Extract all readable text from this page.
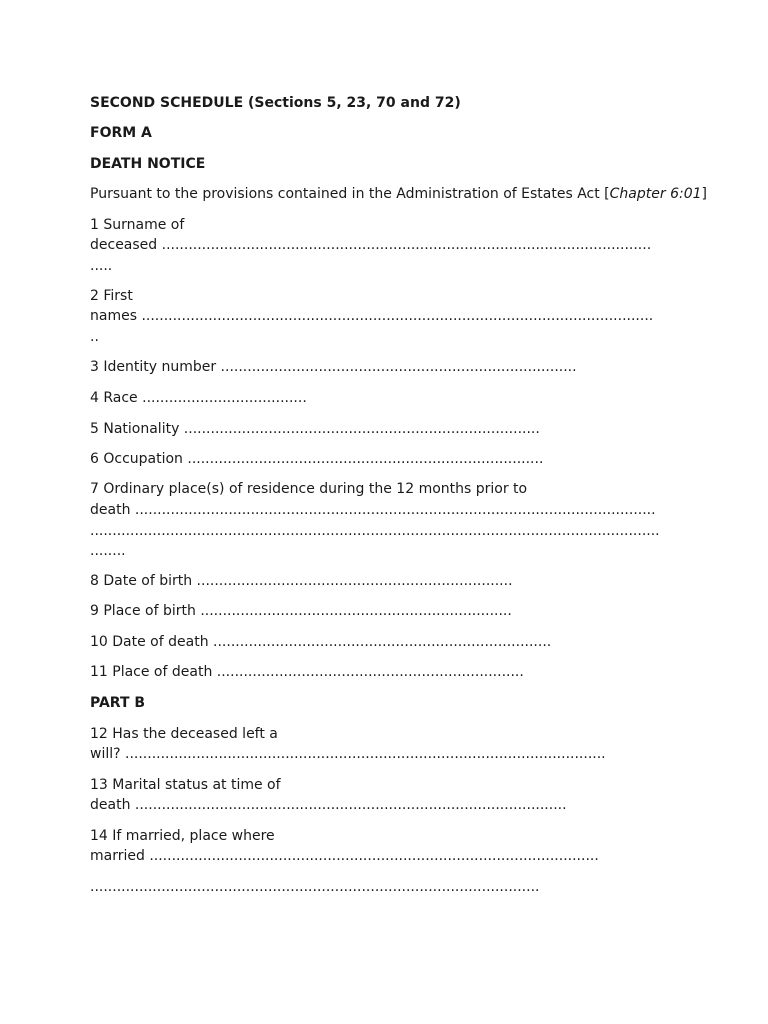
SECOND SCHEDULE (Sections 5, 23, 70 and 72)
FORM A
DEATH NOTICE
Pursuant to the provisions contained in the Administration of Estates Act [Chapter 6:01]
1 Surname of
deceased ..............................................................................................................
.....
2 First
names ...................................................................................................................
..
3 Identity number ................................................................................
4 Race .....................................
5 Nationality ................................................................................
6 Occupation ................................................................................
7 Ordinary place(s) of residence during the 12 months prior to
death .....................................................................................................................
................................................................................................................................
........
8 Date of birth .......................................................................
9 Place of birth ......................................................................
10 Date of death ............................................................................
11 Place of death .....................................................................
PART B
12 Has the deceased left a
will? ............................................................................................................
13 Marital status at time of
death .................................................................................................
14 If married, place where
married .....................................................................................................
.....................................................................................................
